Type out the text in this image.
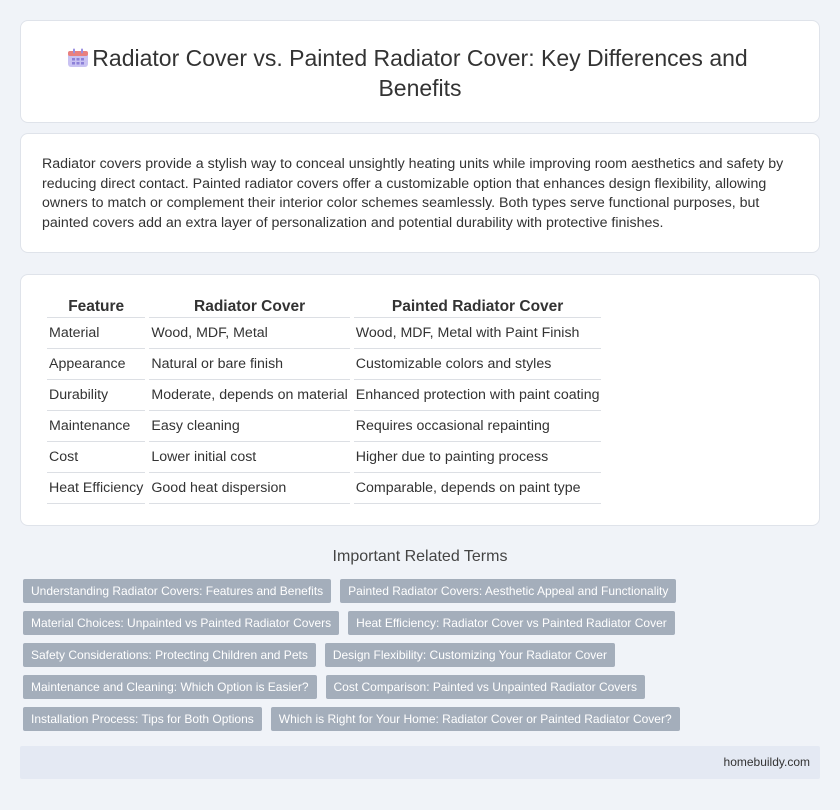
Radiator Cover vs. Painted Radiator Cover: Key Differences and Benefits

Radiator covers provide a stylish way to conceal unsightly heating units while improving room aesthetics and safety by reducing direct contact. Painted radiator covers offer a customizable option that enhances design flexibility, allowing owners to match or complement their interior color schemes seamlessly. Both types serve functional purposes, but painted covers add an extra layer of personalization and potential durability with protective finishes.

Feature	Radiator Cover	Painted Radiator Cover
Material	Wood, MDF, Metal	Wood, MDF, Metal with Paint Finish
Appearance	Natural or bare finish	Customizable colors and styles
Durability	Moderate, depends on material	Enhanced protection with paint coating
Maintenance	Easy cleaning	Requires occasional repainting
Cost	Lower initial cost	Higher due to painting process
Heat Efficiency	Good heat dispersion	Comparable, depends on paint type
Important Related Terms
Understanding Radiator Covers: Features and Benefits	Painted Radiator Covers: Aesthetic Appeal and Functionality
Material Choices: Unpainted vs Painted Radiator Covers	Heat Efficiency: Radiator Cover vs Painted Radiator Cover
Safety Considerations: Protecting Children and Pets	Design Flexibility: Customizing Your Radiator Cover
Maintenance and Cleaning: Which Option is Easier?	Cost Comparison: Painted vs Unpainted Radiator Covers
Installation Process: Tips for Both Options	Which is Right for Your Home: Radiator Cover or Painted Radiator Cover?
homebuildy.com
